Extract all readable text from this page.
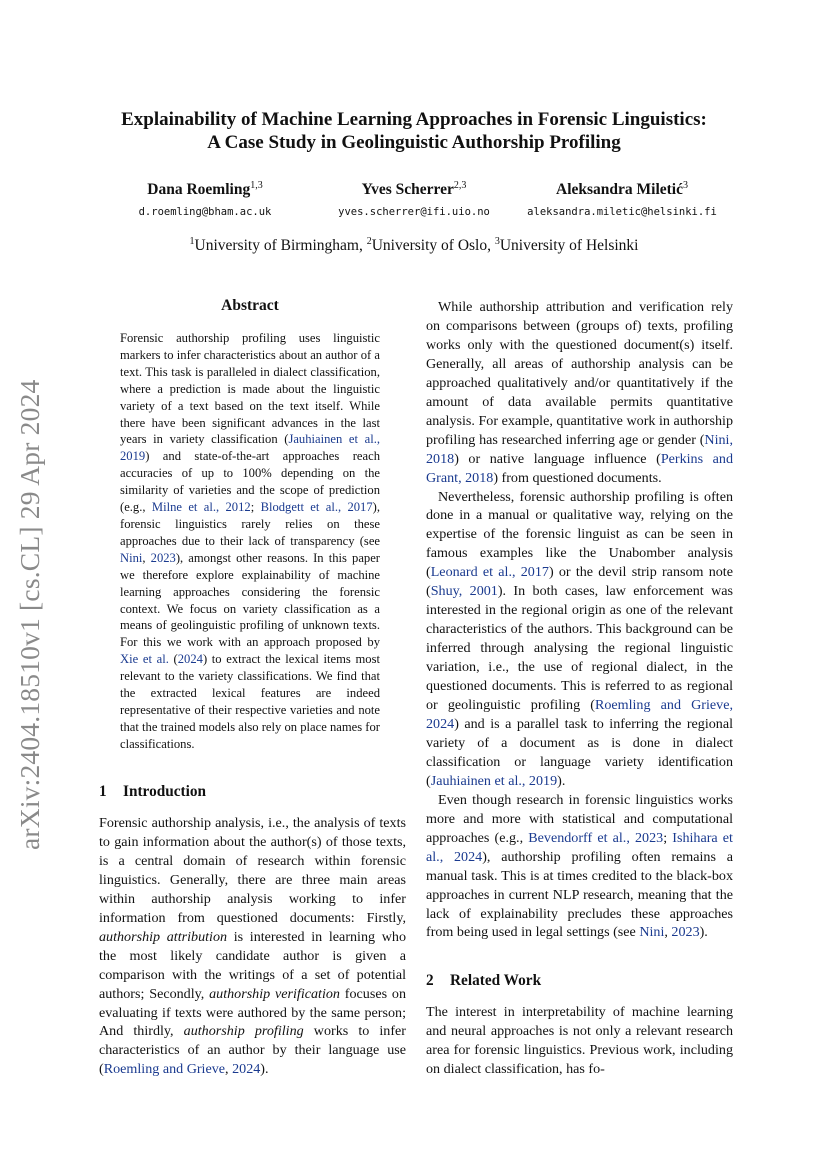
arXiv:2404.18510v1 [cs.CL] 29 Apr 2024
Explainability of Machine Learning Approaches in Forensic Linguistics:
A Case Study in Geolinguistic Authorship Profiling
Dana Roemling$^{1,3}$
d.roemling@bham.ac.uk
Yves Scherrer$^{2,3}$
yves.scherrer@ifi.uio.no
Aleksandra Miletić$^3$
aleksandra.miletic@helsinki.fi
$^1$University of Birmingham, $^2$University of Oslo, $^3$University of Helsinki
Abstract
Forensic authorship profiling uses linguistic markers to infer characteristics about an author of a text. This task is paralleled in dialect classification, where a prediction is made about the linguistic variety of a text based on the text itself. While there have been significant advances in the last years in variety classification (Jauhiainen et al., 2019) and state-of-the-art approaches reach accuracies of up to 100% depending on the similarity of varieties and the scope of prediction (e.g., Milne et al., 2012; Blodgett et al., 2017), forensic linguistics rarely relies on these approaches due to their lack of transparency (see Nini, 2023), amongst other reasons. In this paper we therefore explore explainability of machine learning approaches considering the forensic context. We focus on variety classification as a means of geolinguistic profiling of unknown texts. For this we work with an approach proposed by Xie et al. (2024) to extract the lexical items most relevant to the variety classifications. We find that the extracted lexical features are indeed representative of their respective varieties and note that the trained models also rely on place names for classifications.
1 Introduction

Forensic authorship analysis, i.e., the analysis of texts to gain information about the author(s) of those texts, is a central domain of research within forensic linguistics. Generally, there are three main areas within authorship analysis working to infer information from questioned documents: Firstly, authorship attribution is interested in learning who the most likely candidate author is given a comparison with the writings of a set of potential authors; Secondly, authorship verification focuses on evaluating if texts were authored by the same person; And thirdly, authorship profiling works to infer characteristics of an author by their language use (Roemling and Grieve, 2024).

While authorship attribution and verification rely on comparisons between (groups of) texts, profiling works only with the questioned document(s) itself. Generally, all areas of authorship analysis can be approached qualitatively and/or quantitatively if the amount of data available permits quantitative analysis. For example, quantitative work in authorship profiling has researched inferring age or gender (Nini, 2018) or native language influence (Perkins and Grant, 2018) from questioned documents.

Nevertheless, forensic authorship profiling is often done in a manual or qualitative way, relying on the expertise of the forensic linguist as can be seen in famous examples like the Unabomber analysis (Leonard et al., 2017) or the devil strip ransom note (Shuy, 2001). In both cases, law enforcement was interested in the regional origin as one of the relevant characteristics of the authors. This background can be inferred through analysing the regional linguistic variation, i.e., the use of regional dialect, in the questioned documents. This is referred to as regional or geolinguistic profiling (Roemling and Grieve, 2024) and is a parallel task to inferring the regional variety of a document as is done in dialect classification or language variety identification (Jauhiainen et al., 2019).

Even though research in forensic linguistics works more and more with statistical and computational approaches (e.g., Bevendorff et al., 2023; Ishihara et al., 2024), authorship profiling often remains a manual task. This is at times credited to the black-box approaches in current NLP research, meaning that the lack of explainability precludes these approaches from being used in legal settings (see Nini, 2023).

2 Related Work

The interest in interpretability of machine learning and neural approaches is not only a relevant research area for forensic linguistics. Previous work, including on dialect classification, has fo-
